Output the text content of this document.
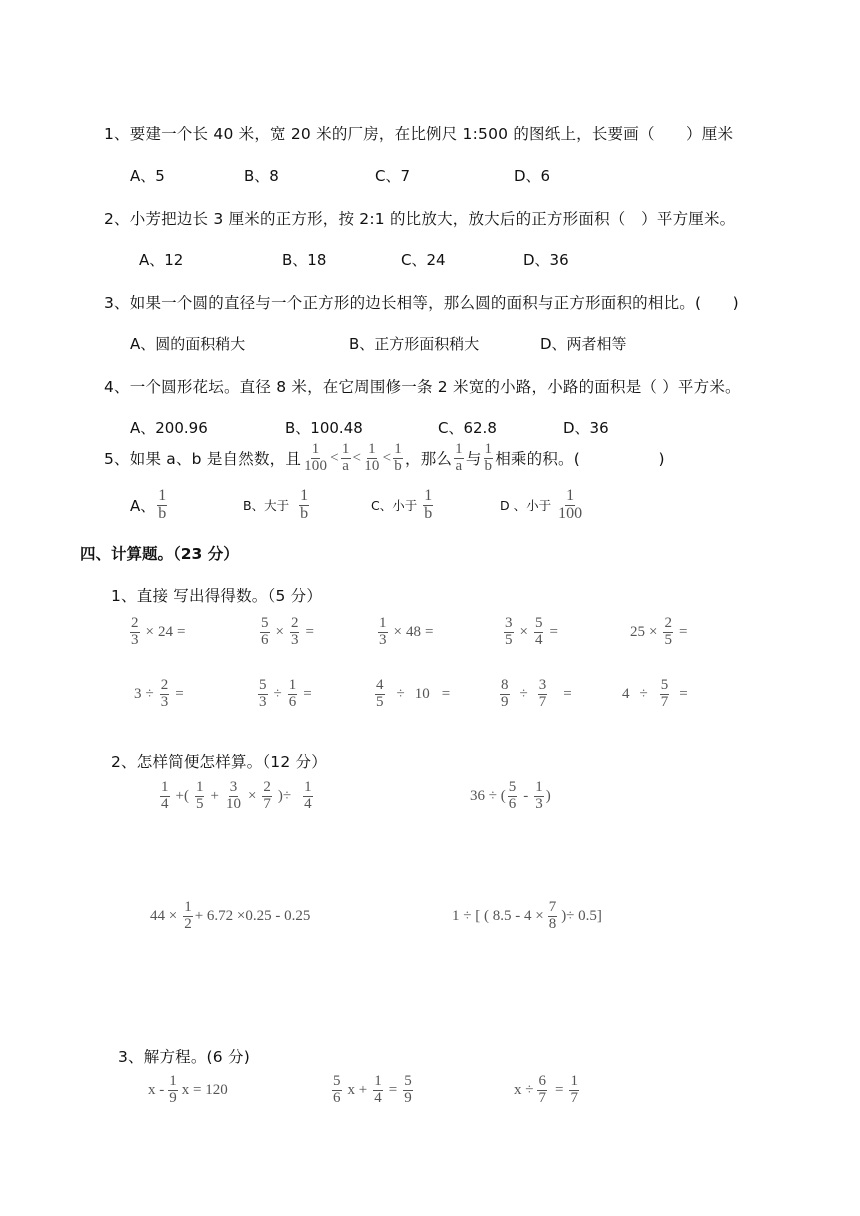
1、要建一个长 40 米，宽 20 米的厂房，在比例尺 1:500 的图纸上，长要画（　　）厘米
A、5	B、8	C、7	D、6
2、小芳把边长 3 厘米的正方形，按 2:1 的比放大，放大后的正方形面积（　）平方厘米。
A、12	B、18	C、24	D、36
3、如果一个圆的直径与一个正方形的边长相等，那么圆的面积与正方形面积的相比。(　　)
A、圆的面积稍大	B、正方形面积稍大	D、两者相等
4、一个圆形花坛。直径 8 米，在它周围修一条 2 米宽的小路，小路的面积是（ ）平方米。
A、200.96	B、100.48	C、62.8	D、36
5、如果 a、b 是自然数，且 $\frac{1}{100} < \frac{1}{a} < \frac{1}{10} < \frac{1}{b}$ ，那么 $\frac{1}{a}$ 与 $\frac{1}{b}$ 相乘的积。(　　　　　)
A、 $\frac{1}{b}$	B、大于 $\frac{1}{b}$	C、小于 $\frac{1}{b}$	D 、小于 $\frac{1}{100}$
四、计算题。（23 分）
1、直接 写出得得数。（5 分）
$\frac{2}{3} \times 24$ =	$\frac{5}{6} \times \frac{2}{3}$ =	$\frac{1}{3} \times 48$ =	$\frac{3}{5} \times \frac{5}{4}$ =	$25 \times \frac{2}{5}$ =
$3 \div \frac{2}{3}$ =	$\frac{5}{3} \div \frac{1}{6}$ =	$\frac{4}{5} \div 10$ =	$\frac{8}{9} \div \frac{3}{7}$ =	$4 \div \frac{5}{7}$ =
2、怎样简便怎样算。（12 分）
$\frac{1}{4}$ +( $\frac{1}{5} + \frac{3}{10} \times \frac{2}{7}$ )÷ $\frac{1}{4}$	36 ÷ ( $\frac{5}{6} - \frac{1}{3}$ )
$44 \times \frac{1}{2} + 6.72 \times 0.25 - 0.25$	1 ÷ [ ( $8.5 - 4 \times \frac{7}{8}$ )÷ 0.5]
3、解方程。(6 分)
x - $\frac{1}{9}$ x = 120	$\frac{5}{6}$ $x + \frac{1}{4} = \frac{5}{9}$	$x \div \frac{6}{7} = \frac{1}{7}$
